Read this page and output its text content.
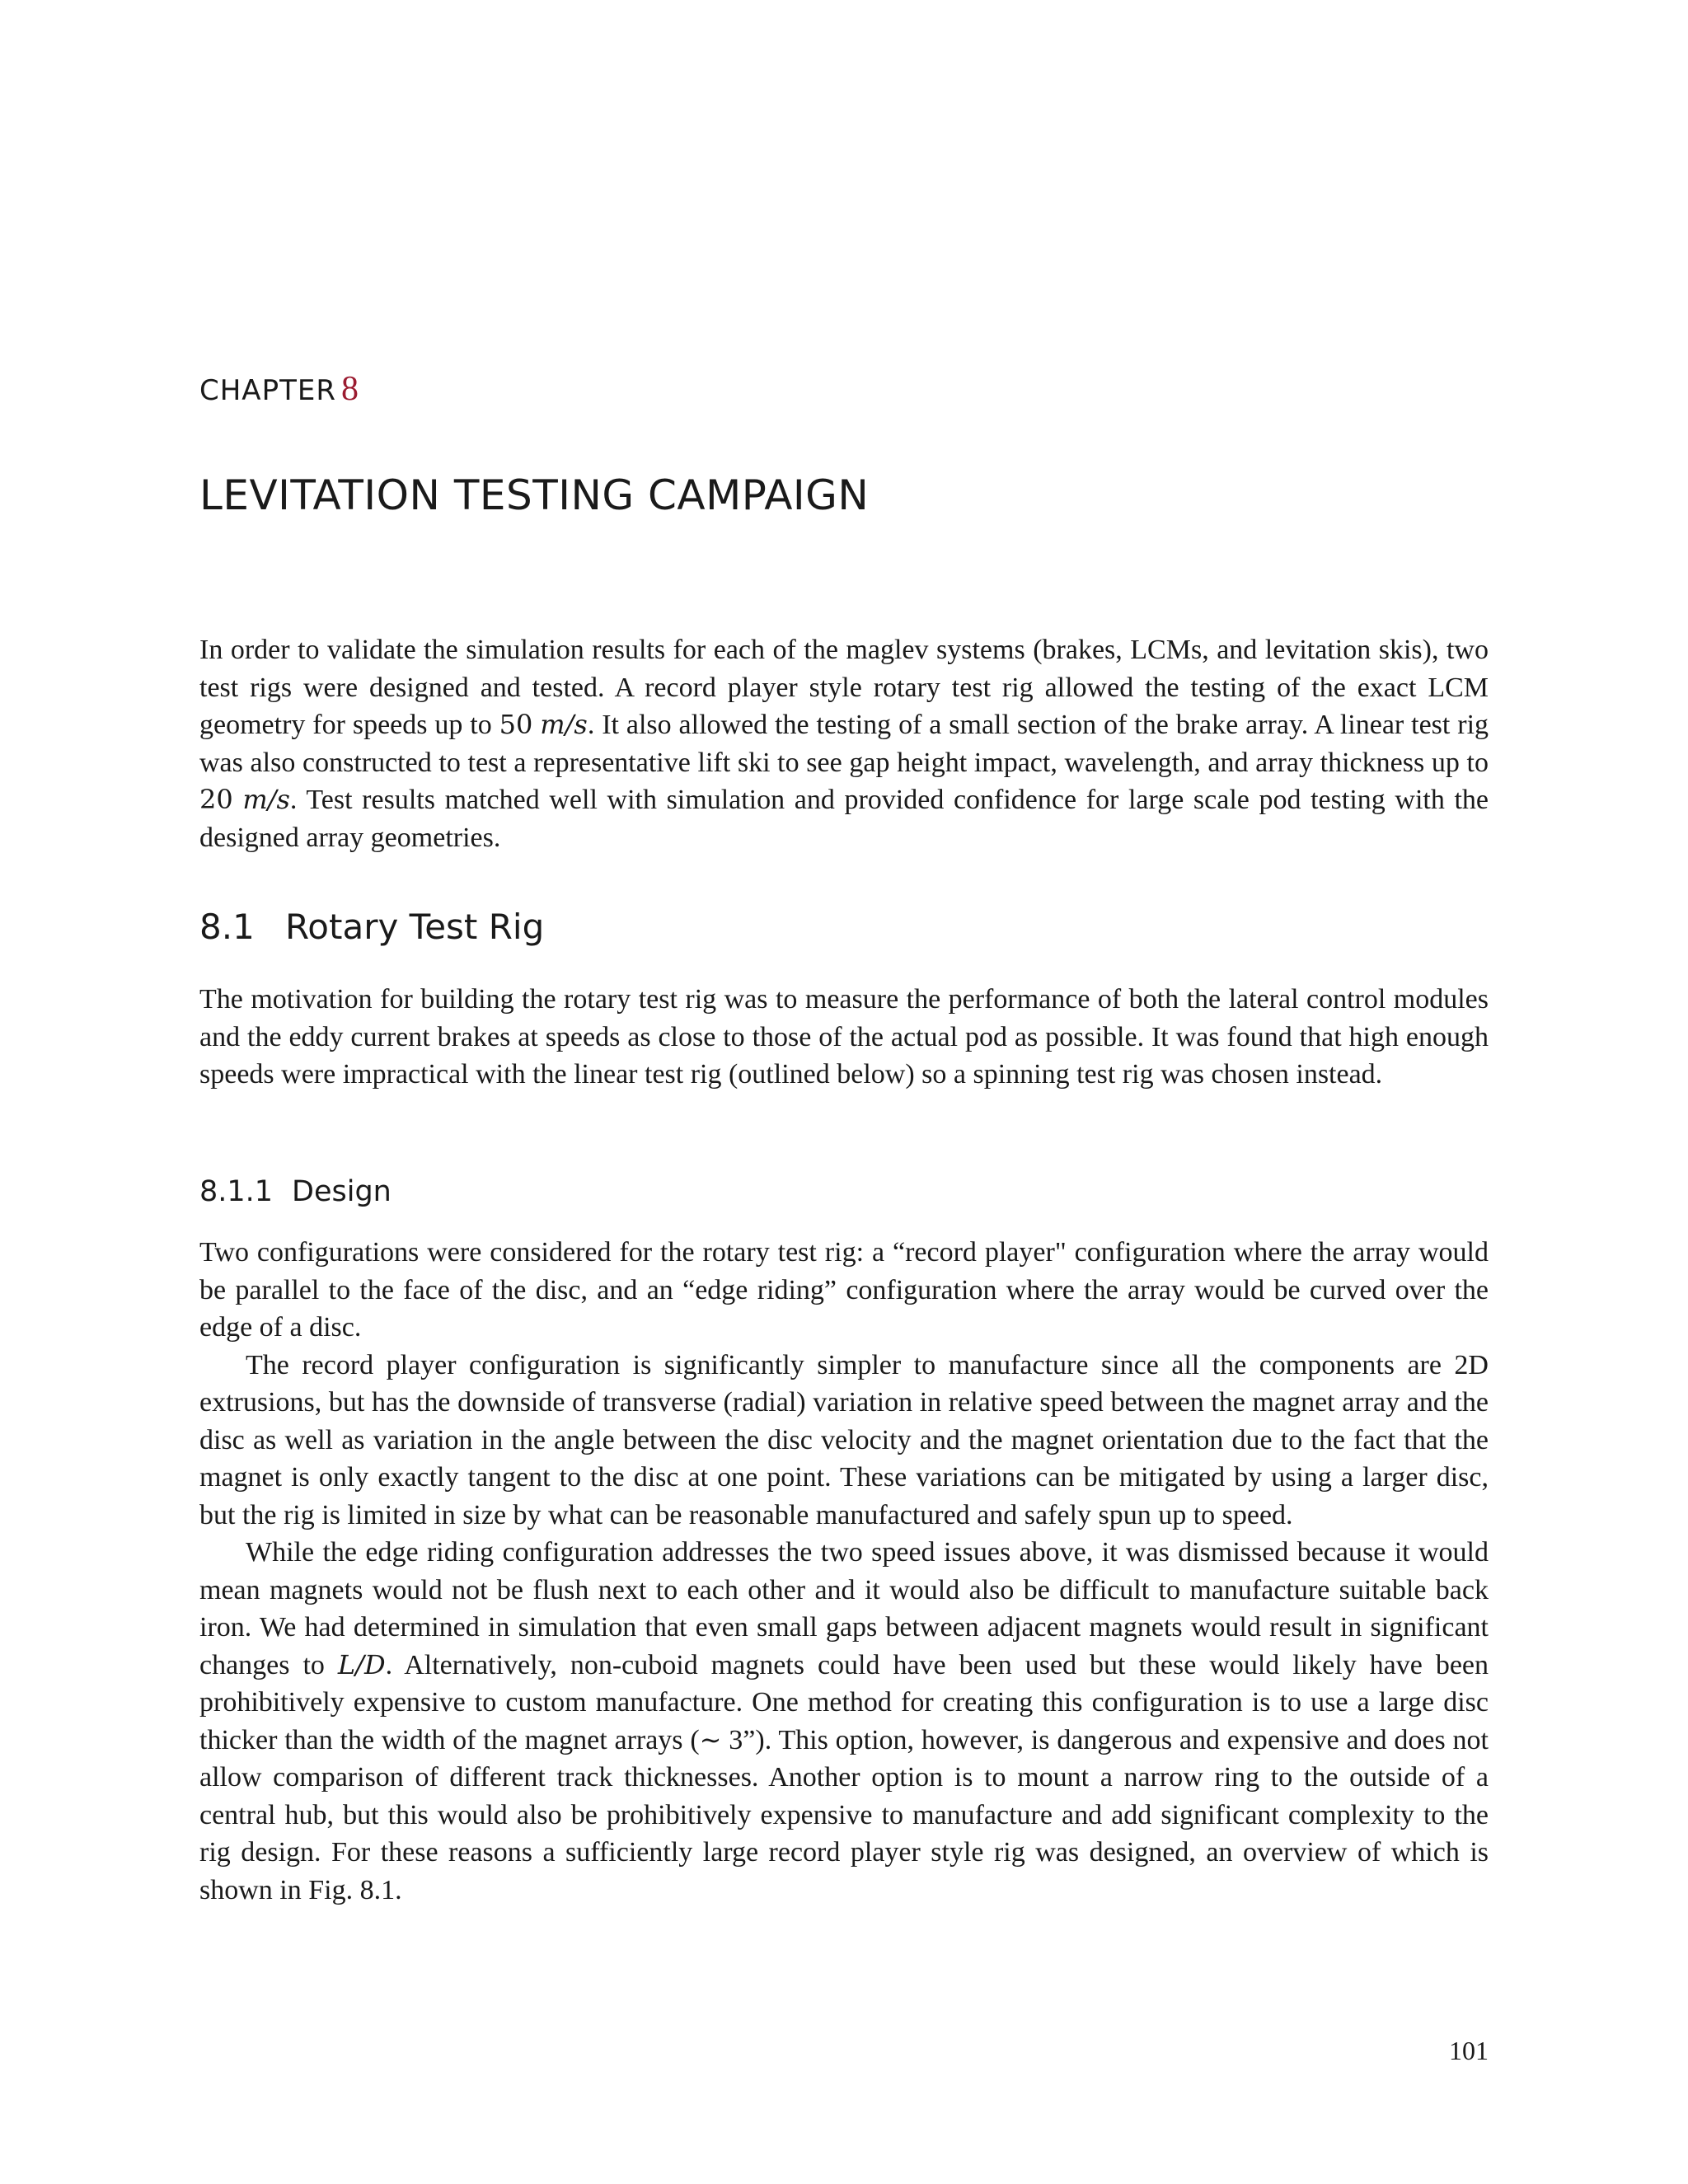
CHAPTER 8
LEVITATION TESTING CAMPAIGN

In order to validate the simulation results for each of the maglev systems (brakes, LCMs, and levitation skis), two test rigs were designed and tested. A record player style rotary test rig allowed the testing of the exact LCM geometry for speeds up to 50 m/s. It also allowed the testing of a small section of the brake array. A linear test rig was also constructed to test a representative lift ski to see gap height impact, wavelength, and array thickness up to 20 m/s. Test results matched well with simulation and provided confidence for large scale pod testing with the designed array geometries.

8.1 Rotary Test Rig

The motivation for building the rotary test rig was to measure the performance of both the lateral control modules and the eddy current brakes at speeds as close to those of the actual pod as possible. It was found that high enough speeds were impractical with the linear test rig (outlined below) so a spinning test rig was chosen instead.

8.1.1 Design

Two configurations were considered for the rotary test rig: a “record player" configuration where the array would be parallel to the face of the disc, and an “edge riding” configuration where the array would be curved over the edge of a disc.

The record player configuration is significantly simpler to manufacture since all the components are 2D extrusions, but has the downside of transverse (radial) variation in relative speed between the magnet array and the disc as well as variation in the angle between the disc velocity and the magnet orientation due to the fact that the magnet is only exactly tangent to the disc at one point. These variations can be mitigated by using a larger disc, but the rig is limited in size by what can be reasonable manufactured and safely spun up to speed.

While the edge riding configuration addresses the two speed issues above, it was dismissed because it would mean magnets would not be flush next to each other and it would also be difficult to manufacture suitable back iron. We had determined in simulation that even small gaps between adjacent magnets would result in significant changes to L/D. Alternatively, non-cuboid magnets could have been used but these would likely have been prohibitively expensive to custom manufacture. One method for creating this configuration is to use a large disc thicker than the width of the magnet arrays (∼ 3”). This option, however, is dangerous and expensive and does not allow comparison of different track thicknesses. Another option is to mount a narrow ring to the outside of a central hub, but this would also be prohibitively expensive to manufacture and add significant complexity to the rig design. For these reasons a sufficiently large record player style rig was designed, an overview of which is shown in Fig. 8.1.

101
